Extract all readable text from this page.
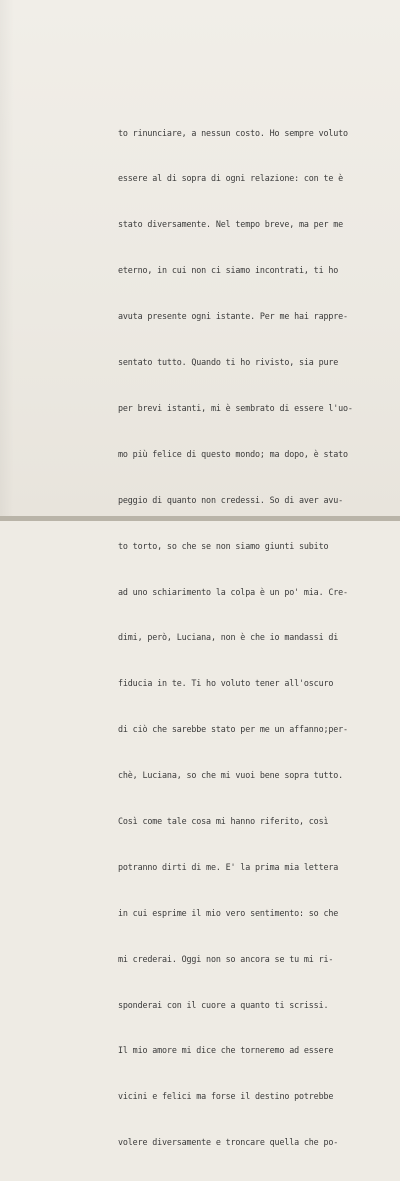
to rinunciare, a nessun costo. Ho sempre voluto

essere al di sopra di ogni relazione: con te è

stato diversamente. Nel tempo breve, ma per me

eterno, in cui non ci siamo incontrati, ti ho

avuta presente ogni istante. Per me hai rappre-

sentato tutto. Quando ti ho rivisto, sia pure

per brevi istanti, mi è sembrato di essere l'uo-

mo più felice di questo mondo; ma dopo, è stato

peggio di quanto non credessi. So di aver avu-

to torto, so che se non siamo giunti subito

ad uno schiarimento la colpa è un po' mia. Cre-

dimi, però, Luciana, non è che io mandassi di

fiducia in te. Ti ho voluto tener all'oscuro

di ciò che sarebbe stato per me un affanno;per-

chè, Luciana, so che mi vuoi bene sopra tutto.

Così come tale cosa mi hanno riferito, così

potranno dirti di me. E' la prima mia lettera

in cui esprime il mio vero sentimento: so che

mi crederai. Oggi non so ancora se tu mi ri-

sponderai con il cuore a quanto ti scrissi.

Il mio amore mi dice che torneremo ad essere

vicini e felici ma forse il destino potrebbe

volere diversamente e troncare quella che po-
